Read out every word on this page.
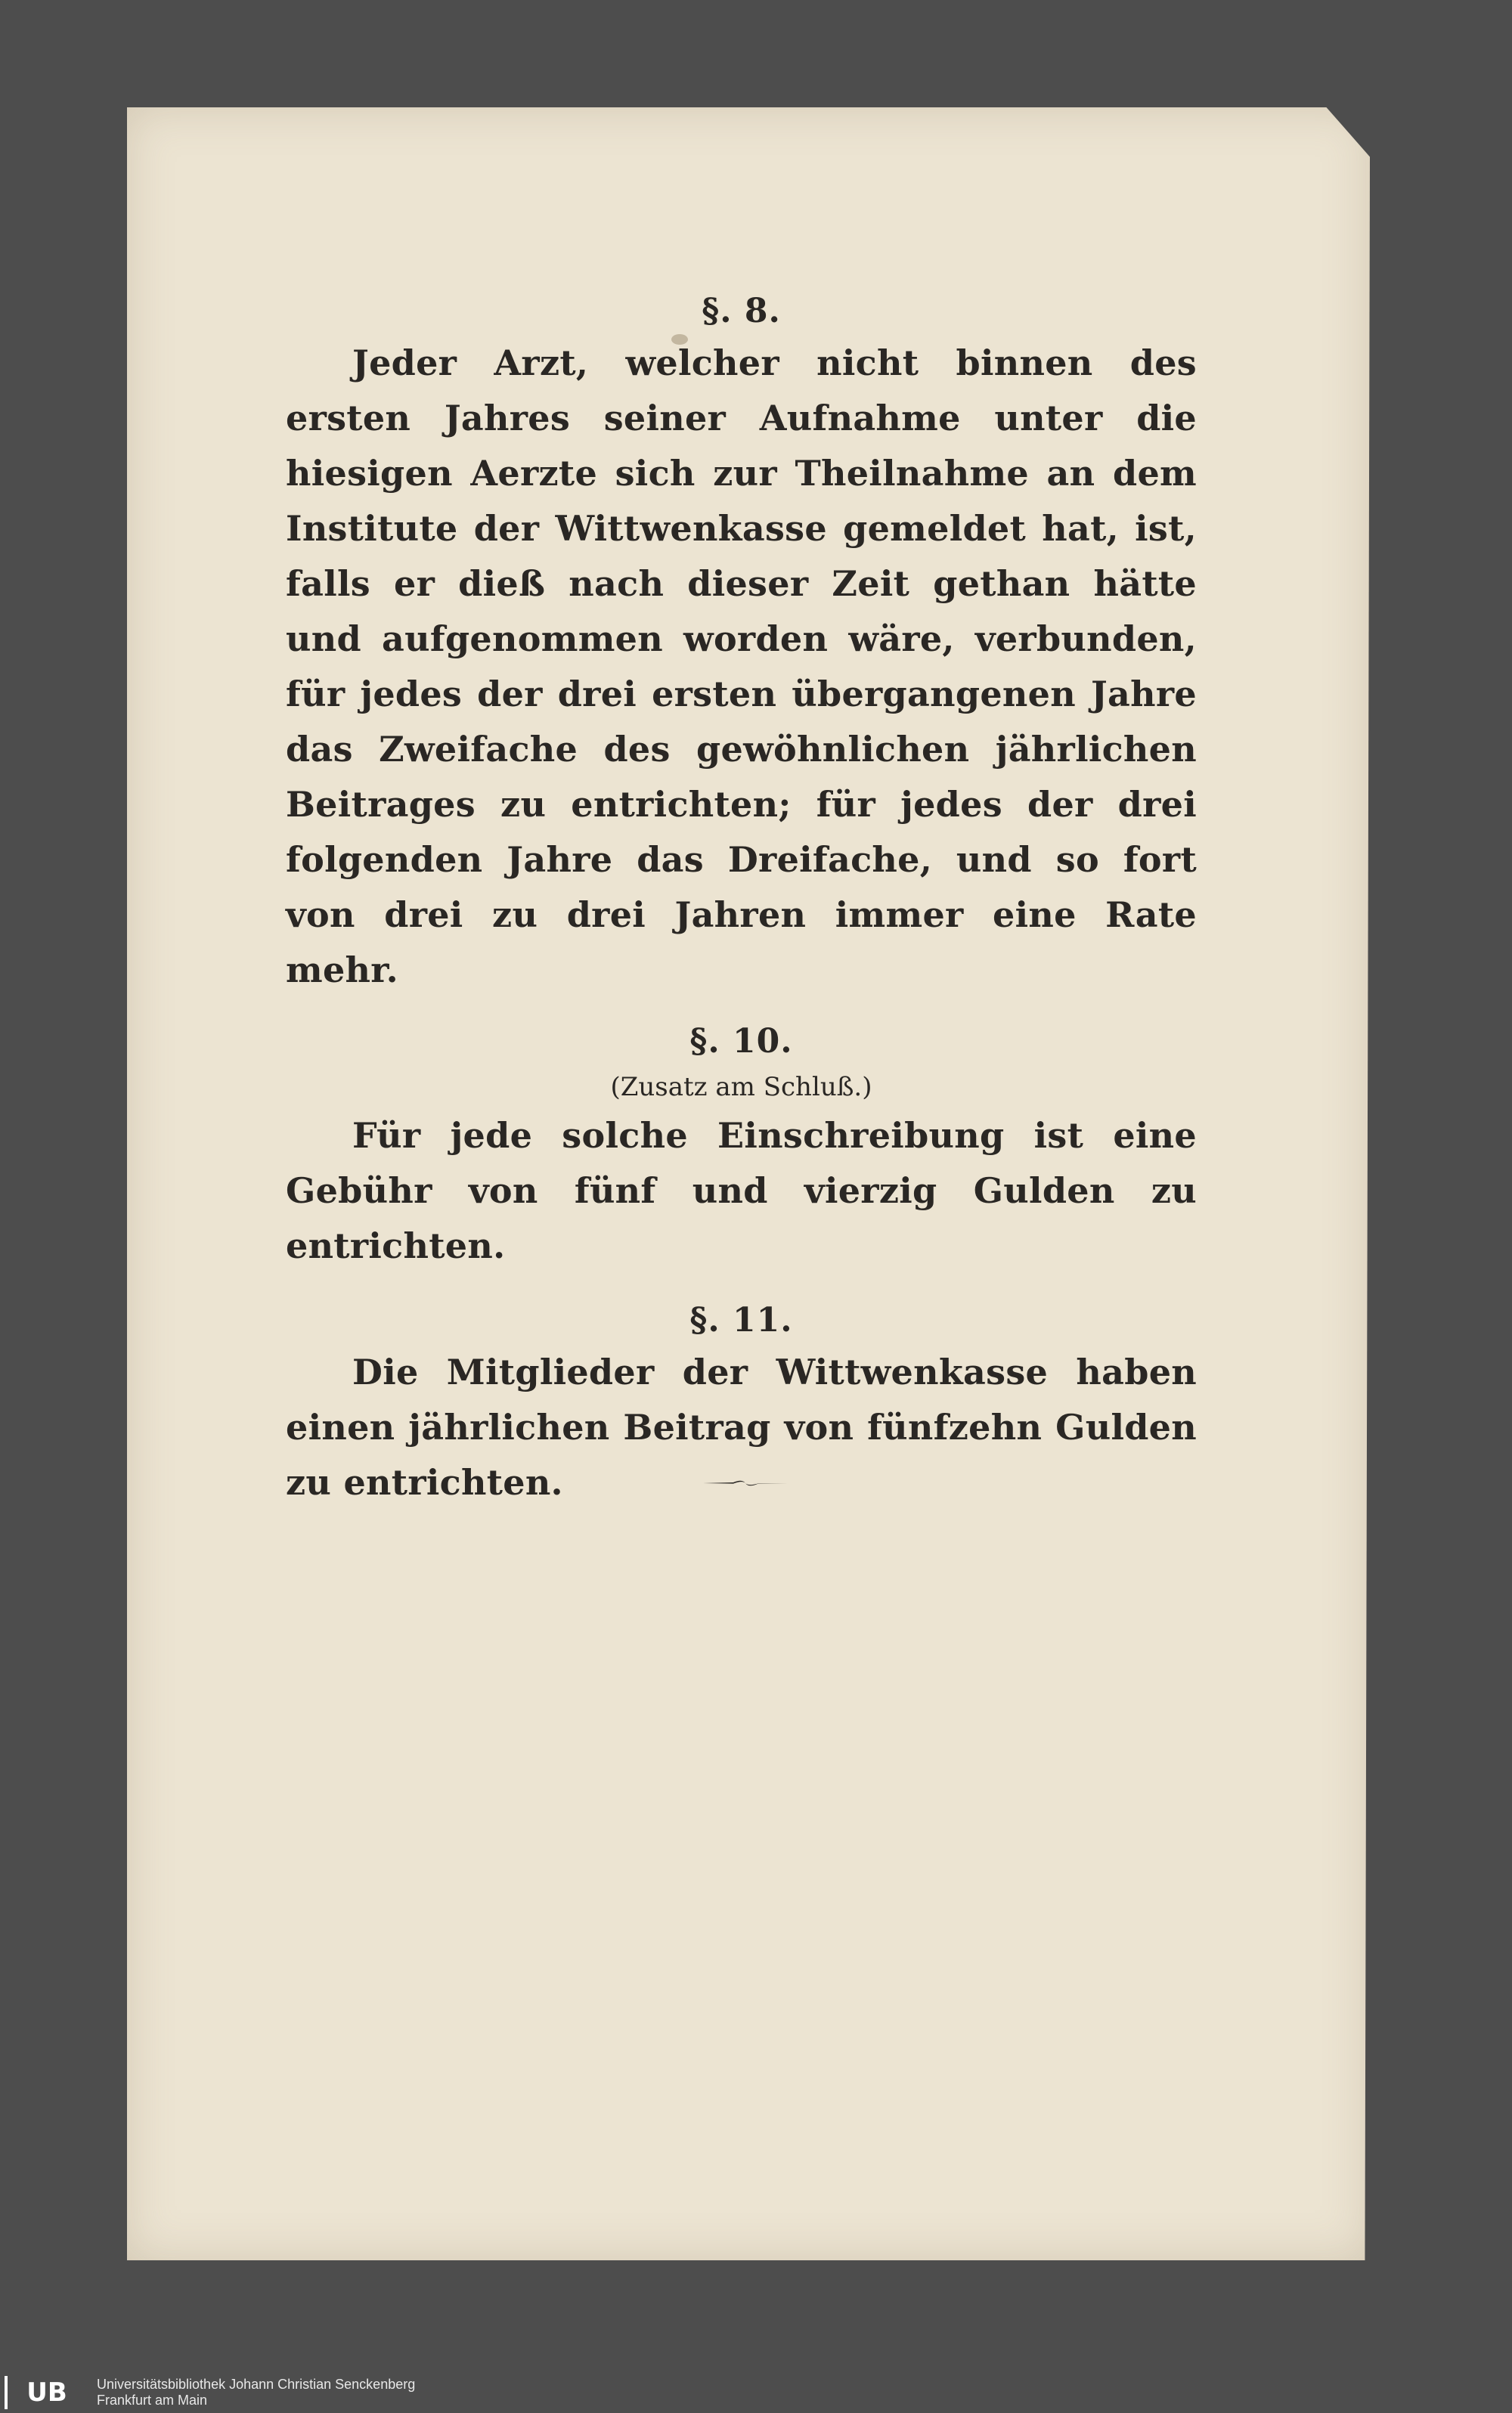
§. 8.

Jeder Arzt, welcher nicht binnen des ersten Jahres seiner Aufnahme unter die hiesigen Aerzte sich zur Theilnahme an dem Institute der Wittwenkasse gemeldet hat, ist, falls er dieß nach dieser Zeit gethan hätte und aufgenommen worden wäre, verbunden, für jedes der drei ersten übergangenen Jahre das Zweifache des gewöhnlichen jährlichen Beitrages zu entrichten; für jedes der drei folgenden Jahre das Dreifache, und so fort von drei zu drei Jahren immer eine Rate mehr.

§. 10.
(Zusatz am Schluß.)

Für jede solche Einschreibung ist eine Gebühr von fünf und vierzig Gulden zu entrichten.

§. 11.

Die Mitglieder der Wittwenkasse haben einen jährlichen Beitrag von fünfzehn Gulden zu entrichten.

UB	Universitätsbibliothek Johann Christian Senckenberg
Frankfurt am Main
